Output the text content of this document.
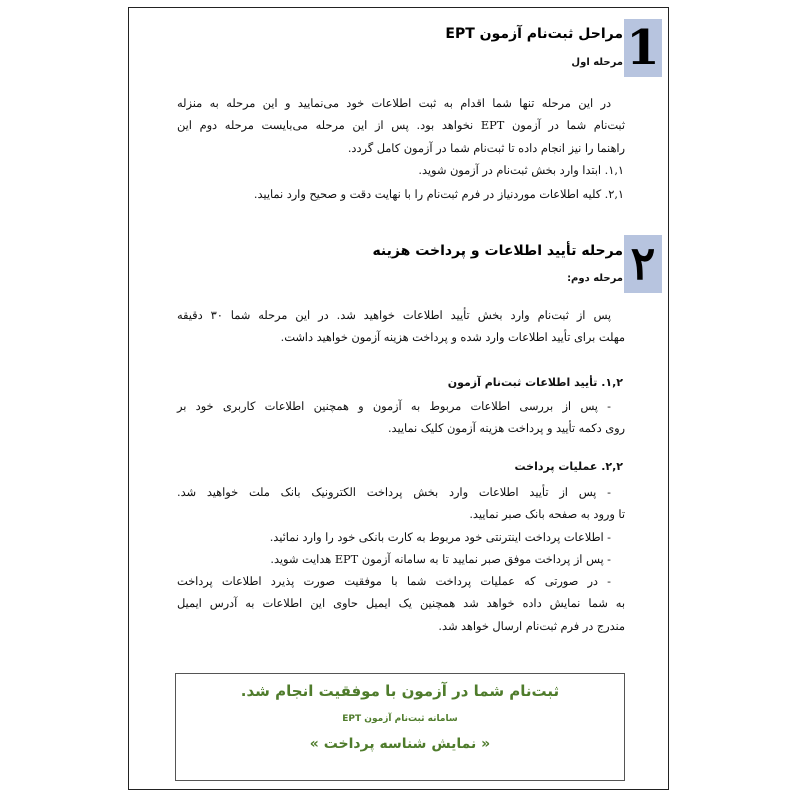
1
مراحل ثبت‌نام آزمون EPT
مرحله اول
در این مرحله تنها شما اقدام به ثبت اطلاعات خود می‌نمایید و این مرحله به منزله
ثبت‌نام شما در آزمون EPT نخواهد بود. پس از این مرحله می‌بایست مرحله دوم این
راهنما را نیز انجام داده تا ثبت‌نام شما در آزمون کامل گردد.
۱,۱. ابتدا وارد بخش ثبت‌نام در آزمون شوید.
۲,۱. کلیه اطلاعات موردنیاز در فرم ثبت‌نام را با نهایت دقت و صحیح وارد نمایید.
۲
مرحله تأیید اطلاعات و پرداخت هزینه
مرحله دوم:
پس از ثبت‌نام وارد بخش تأیید اطلاعات خواهید شد. در این مرحله شما ۳۰ دقیقه
مهلت برای تأیید اطلاعات وارد شده و پرداخت هزینه آزمون خواهید داشت.
۱,۲. تأیید اطلاعات ثبت‌نام آزمون
- پس از بررسی اطلاعات مربوط به آزمون و همچنین اطلاعات کاربری خود بر
روی دکمه تأیید و پرداخت هزینه آزمون کلیک نمایید.
۲,۲. عملیات پرداخت
- پس از تأیید اطلاعات وارد بخش پرداخت الکترونیک بانک ملت خواهید شد.
تا ورود به صفحه بانک صبر نمایید.
- اطلاعات پرداخت اینترنتی خود مربوط به کارت بانکی خود را وارد نمائید.
- پس از پرداخت موفق صبر نمایید تا به سامانه آزمون EPT هدایت شوید.
- در صورتی که عملیات پرداخت شما با موفقیت صورت پذیرد اطلاعات پرداخت
به شما نمایش داده خواهد شد همچنین یک ایمیل حاوی این اطلاعات به آدرس ایمیل
مندرج در فرم ثبت‌نام ارسال خواهد شد.
ثبت‌نام شما در آزمون با موفقیت انجام شد.
سامانه ثبت‌نام آزمون EPT
« نمایش شناسه پرداخت »
